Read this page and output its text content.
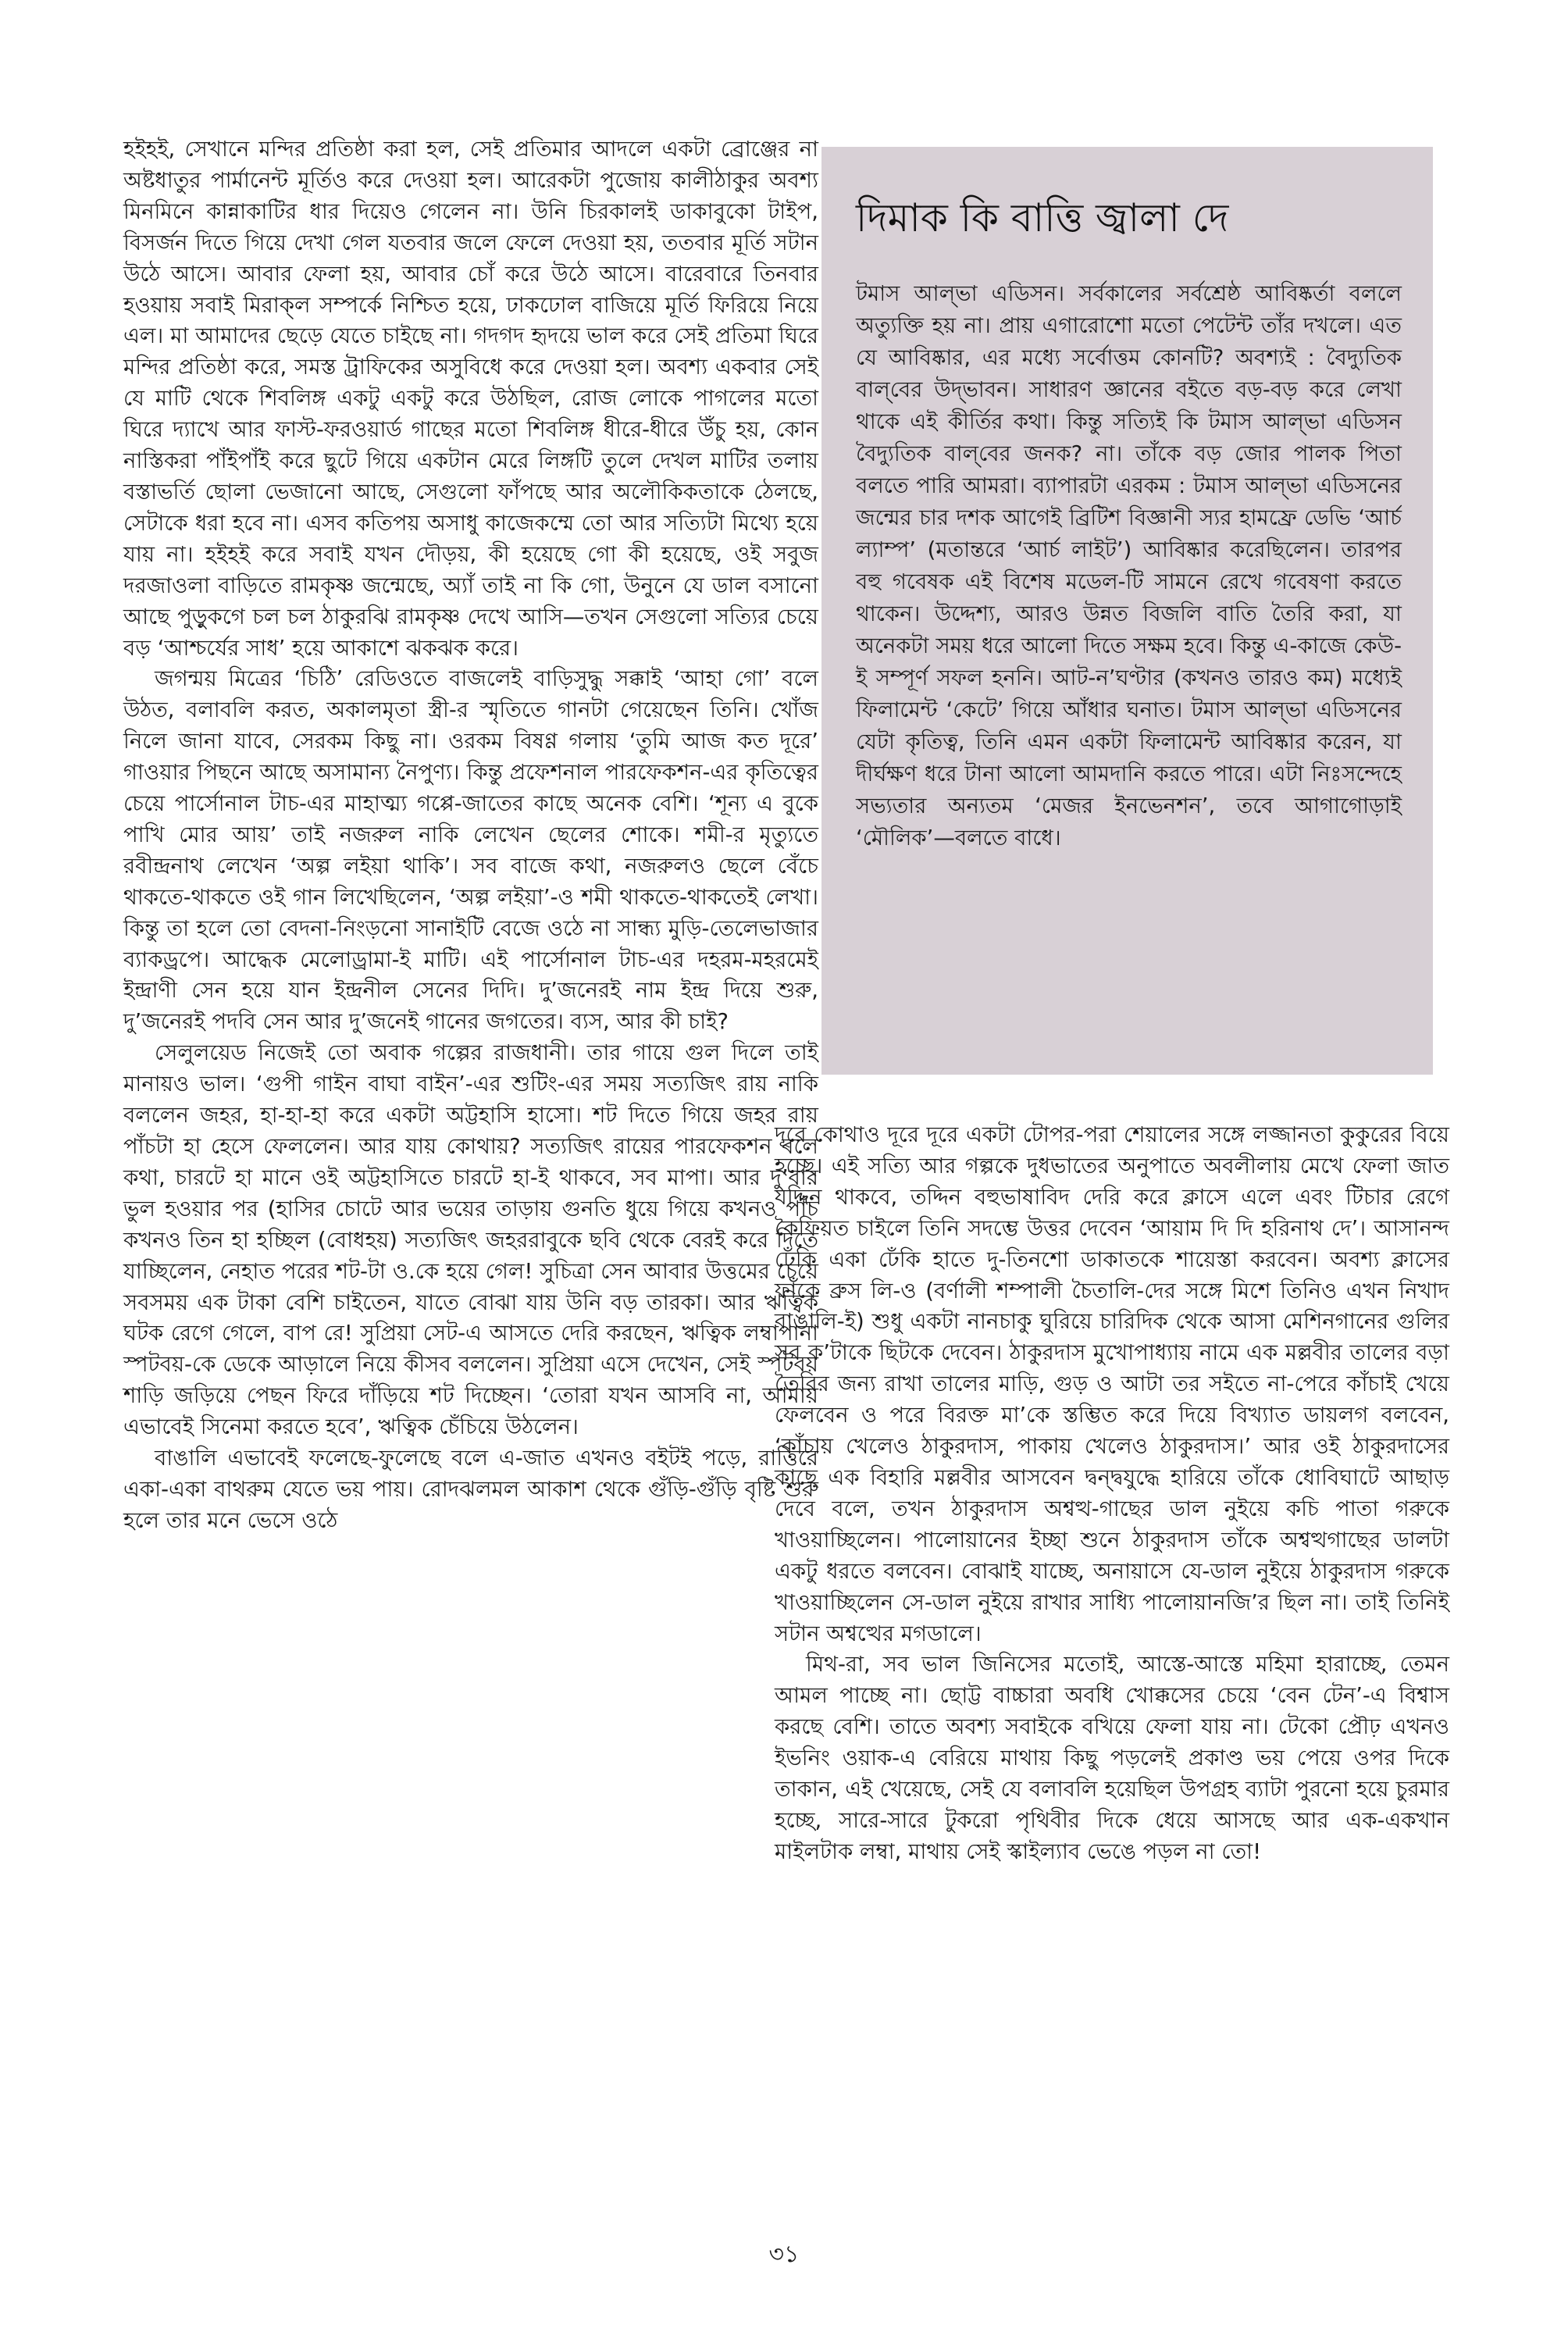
হইহই, সেখানে মন্দির প্রতিষ্ঠা করা হল, সেই প্রতিমার আদলে একটা ব্রোঞ্জের না অষ্টধাতুর পার্মানেন্ট মূর্তিও করে দেওয়া হল। আরেকটা পুজোয় কালীঠাকুর অবশ্য মিনমিনে কান্নাকাটির ধার দিয়েও গেলেন না। উনি চিরকালই ডাকাবুকো টাইপ, বিসর্জন দিতে গিয়ে দেখা গেল যতবার জলে ফেলে দেওয়া হয়, ততবার মূর্তি সটান উঠে আসে। আবার ফেলা হয়, আবার চোঁ করে উঠে আসে। বারেবারে তিনবার হওয়ায় সবাই মিরাক্‌ল সম্পর্কে নিশ্চিত হয়ে, ঢাকঢোল বাজিয়ে মূর্তি ফিরিয়ে নিয়ে এল। মা আমাদের ছেড়ে যেতে চাইছে না। গদগদ হৃদয়ে ভাল করে সেই প্রতিমা ঘিরে মন্দির প্রতিষ্ঠা করে, সমস্ত ট্রাফিকের অসুবিধে করে দেওয়া হল। অবশ্য একবার সেই যে মাটি থেকে শিবলিঙ্গ একটু একটু করে উঠছিল, রোজ লোকে পাগলের মতো ঘিরে দ্যাখে আর ফাস্ট-ফরওয়ার্ড গাছের মতো শিবলিঙ্গ ধীরে-ধীরে উঁচু হয়, কোন নাস্তিকরা পাঁইপাঁই করে ছুটে গিয়ে একটান মেরে লিঙ্গটি তুলে দেখল মাটির তলায় বস্তাভর্তি ছোলা ভেজানো আছে, সেগুলো ফাঁপছে আর অলৌকিকতাকে ঠেলছে, সেটাকে ধরা হবে না। এসব কতিপয় অসাধু কাজেকম্মে তো আর সত্যিটা মিথ্যে হয়ে যায় না। হইহই করে সবাই যখন দৌড়য়, কী হয়েছে গো কী হয়েছে, ওই সবুজ দরজাওলা বাড়িতে রামকৃষ্ণ জন্মেছে, অ্যাঁ তাই না কি গো, উনুনে যে ডাল বসানো আছে পুড়ুকগে চল চল ঠাকুরঝি রামকৃষ্ণ দেখে আসি—তখন সেগুলো সত্যির চেয়ে বড় ‘আশ্চর্যের সাধ’ হয়ে আকাশে ঝকঝক করে।

জগন্ময় মিত্রের ‘চিঠি’ রেডিওতে বাজলেই বাড়িসুদ্ধু সক্কাই ‘আহা গো’ বলে উঠত, বলাবলি করত, অকালমৃতা স্ত্রী-র স্মৃতিতে গানটা গেয়েছেন তিনি। খোঁজ নিলে জানা যাবে, সেরকম কিছু না। ওরকম বিষণ্ণ গলায় ‘তুমি আজ কত দূরে’ গাওয়ার পিছনে আছে অসামান্য নৈপুণ্য। কিন্তু প্রফেশনাল পারফেকশন-এর কৃতিত্বের চেয়ে পার্সোনাল টাচ-এর মাহাত্ম্য গপ্পে-জাতের কাছে অনেক বেশি। ‘শূন্য এ বুকে পাখি মোর আয়’ তাই নজরুল নাকি লেখেন ছেলের শোকে। শমী-র মৃত্যুতে রবীন্দ্রনাথ লেখেন ‘অল্প লইয়া থাকি’। সব বাজে কথা, নজরুলও ছেলে বেঁচে থাকতে-থাকতে ওই গান লিখেছিলেন, ‘অল্প লইয়া’-ও শমী থাকতে-থাকতেই লেখা। কিন্তু তা হলে তো বেদনা-নিংড়নো সানাইটি বেজে ওঠে না সান্ধ্য মুড়ি-তেলেভাজার ব্যাকড্রপে। আদ্ধেক মেলোড্রামা-ই মাটি। এই পার্সোনাল টাচ-এর দহরম-মহরমেই ইন্দ্রাণী সেন হয়ে যান ইন্দ্রনীল সেনের দিদি। দু’জনেরই নাম ইন্দ্র দিয়ে শুরু, দু’জনেরই পদবি সেন আর দু’জনেই গানের জগতের। ব্যস, আর কী চাই?

সেলুলয়েড নিজেই তো অবাক গল্পের রাজধানী। তার গায়ে গুল দিলে তাই মানায়ও ভাল। ‘গুপী গাইন বাঘা বাইন’-এর শুটিং-এর সময় সত্যজিৎ রায় নাকি বললেন জহর, হা-হা-হা করে একটা অট্টহাসি হাসো। শট দিতে গিয়ে জহর রায় পাঁচটা হা হেসে ফেললেন। আর যায় কোথায়? সত্যজিৎ রায়ের পারফেকশন বলে কথা, চারটে হা মানে ওই অট্টহাসিতে চারটে হা-ই থাকবে, সব মাপা। আর দু’বার ভুল হওয়ার পর (হাসির চোটে আর ভয়ের তাড়ায় গুনতি ধুয়ে গিয়ে কখনও পাঁচ কখনও তিন হা হচ্ছিল (বোধহয়) সত্যজিৎ জহররাবুকে ছবি থেকে বেরই করে দিতে যাচ্ছিলেন, নেহাত পরের শট-টা ও.কে হয়ে গেল! সুচিত্রা সেন আবার উত্তমের চেয়ে সবসময় এক টাকা বেশি চাইতেন, যাতে বোঝা যায় উনি বড় তারকা। আর ঋত্বিক ঘটক রেগে গেলে, বাপ রে! সুপ্রিয়া সেট-এ আসতে দেরি করছেন, ঋত্বিক লম্বাপানা স্পটবয়-কে ডেকে আড়ালে নিয়ে কীসব বললেন। সুপ্রিয়া এসে দেখেন, সেই স্পটবয় শাড়ি জড়িয়ে পেছন ফিরে দাঁড়িয়ে শট দিচ্ছেন। ‘তোরা যখন আসবি না, আমায় এভাবেই সিনেমা করতে হবে’, ঋত্বিক চেঁচিয়ে উঠলেন।

বাঙালি এভাবেই ফলেছে-ফুলেছে বলে এ-জাত এখনও বইটই পড়ে, রাত্তিরে একা-একা বাথরুম যেতে ভয় পায়। রোদঝলমল আকাশ থেকে গুঁড়ি-গুঁড়ি বৃষ্টি শুরু হলে তার মনে ভেসে ওঠে

দিমাক কি বাত্তি জ্বালা দে

টমাস আল্‌ভা এডিসন। সর্বকালের সর্বশ্রেষ্ঠ আবিষ্কর্তা বললে অত্যুক্তি হয় না। প্রায় এগারোশো মতো পেটেন্ট তাঁর দখলে। এত যে আবিষ্কার, এর মধ্যে সর্বোত্তম কোনটি? অবশ্যই : বৈদ্যুতিক বাল্‌বের উদ্‌ভাবন। সাধারণ জ্ঞানের বইতে বড়-বড় করে লেখা থাকে এই কীর্তির কথা। কিন্তু সত্যিই কি টমাস আল্‌ভা এডিসন বৈদ্যুতিক বাল্‌বের জনক? না। তাঁকে বড় জোর পালক পিতা বলতে পারি আমরা। ব্যাপারটা এরকম : টমাস আল্‌ভা এডিসনের জন্মের চার দশক আগেই ব্রিটিশ বিজ্ঞানী স্যর হামফ্রে ডেভি ‘আর্চ ল্যাম্প’ (মতান্তরে ‘আর্চ লাইট’) আবিষ্কার করেছিলেন। তারপর বহু গবেষক এই বিশেষ মডেল-টি সামনে রেখে গবেষণা করতে থাকেন। উদ্দেশ্য, আরও উন্নত বিজলি বাতি তৈরি করা, যা অনেকটা সময় ধরে আলো দিতে সক্ষম হবে। কিন্তু এ-কাজে কেউ-ই সম্পূর্ণ সফল হননি। আট-ন’ঘণ্টার (কখনও তারও কম) মধ্যেই ফিলামেন্ট ‘কেটে’ গিয়ে আঁধার ঘনাত। টমাস আল্‌ভা এডিসনের যেটা কৃতিত্ব, তিনি এমন একটা ফিলামেন্ট আবিষ্কার করেন, যা দীর্ঘক্ষণ ধরে টানা আলো আমদানি করতে পারে। এটা নিঃসন্দেহে সভ্যতার অন্যতম ‘মেজর ইনভেনশন’, তবে আগাগোড়াই ‘মৌলিক’—বলতে বাধে।

দূরে কোথাও দূরে দূরে একটা টোপর-পরা শেয়ালের সঙ্গে লজ্জানতা কুকুরের বিয়ে হচ্ছে। এই সত্যি আর গল্পকে দুধভাতের অনুপাতে অবলীলায় মেখে ফেলা জাত যদ্দিন থাকবে, তদ্দিন বহুভাষাবিদ দেরি করে ক্লাসে এলে এবং টিচার রেগে কৈফিয়ত চাইলে তিনি সদম্ভে উত্তর দেবেন ‘আয়াম দি দি হরিনাথ দে’। আসানন্দ ঢেঁকি একা ঢেঁকি হাতে দু-তিনশো ডাকাতকে শায়েস্তা করবেন। অবশ্য ক্লাসের ফাঁকে ব্রুস লি-ও (বর্ণালী শম্পালী চৈতালি-দের সঙ্গে মিশে তিনিও এখন নিখাদ বাঙালি-ই) শুধু একটা নানচাকু ঘুরিয়ে চারিদিক থেকে আসা মেশিনগানের গুলির সব ক’টাকে ছিটকে দেবেন। ঠাকুরদাস মুখোপাধ্যায় নামে এক মল্লবীর তালের বড়া তৈরির জন্য রাখা তালের মাড়ি, গুড় ও আটা তর সইতে না-পেরে কাঁচাই খেয়ে ফেলবেন ও পরে বিরক্ত মা’কে স্তম্ভিত করে দিয়ে বিখ্যাত ডায়লগ বলবেন, ‘কাঁচায় খেলেও ঠাকুরদাস, পাকায় খেলেও ঠাকুরদাস।’ আর ওই ঠাকুরদাসের কাছে এক বিহারি মল্লবীর আসবেন দ্বন্দ্বযুদ্ধে হারিয়ে তাঁকে ধোবিঘাটে আছাড় দেবে বলে, তখন ঠাকুরদাস অশ্বত্থ-গাছের ডাল নুইয়ে কচি পাতা গরুকে খাওয়াচ্ছিলেন। পালোয়ানের ইচ্ছা শুনে ঠাকুরদাস তাঁকে অশ্বত্থগাছের ডালটা একটু ধরতে বলবেন। বোঝাই যাচ্ছে, অনায়াসে যে-ডাল নুইয়ে ঠাকুরদাস গরুকে খাওয়াচ্ছিলেন সে-ডাল নুইয়ে রাখার সাধ্যি পালোয়ানজি’র ছিল না। তাই তিনিই সটান অশ্বত্থের মগডালে।

মিথ-রা, সব ভাল জিনিসের মতোই, আস্তে-আস্তে মহিমা হারাচ্ছে, তেমন আমল পাচ্ছে না। ছোট্ট বাচ্চারা অবধি খোক্কসের চেয়ে ‘বেন টেন’-এ বিশ্বাস করছে বেশি। তাতে অবশ্য সবাইকে বখিয়ে ফেলা যায় না। টেকো প্রৌঢ় এখনও ইভনিং ওয়াক-এ বেরিয়ে মাথায় কিছু পড়লেই প্রকাণ্ড ভয় পেয়ে ওপর দিকে তাকান, এই খেয়েছে, সেই যে বলাবলি হয়েছিল উপগ্রহ ব্যাটা পুরনো হয়ে চুরমার হচ্ছে, সারে-সারে টুকরো পৃথিবীর দিকে ধেয়ে আসছে আর এক-একখান মাইলটাক লম্বা, মাথায় সেই স্কাইল্যাব ভেঙে পড়ল না তো!

৩১
